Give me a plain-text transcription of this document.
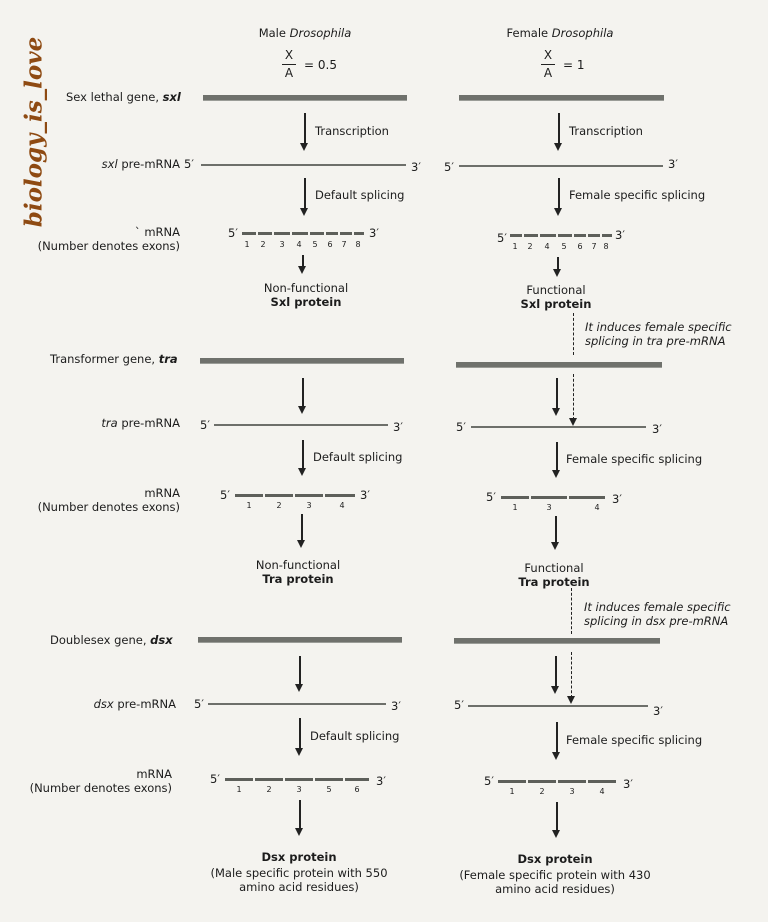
biology_is_love
Male Drosophila	Female Drosophila
X
A
= 0.5
X
A
= 1
Sex lethal gene, sxl
Transcription	Transcription
sxl pre-mRNA 5′	3′ 5′	3′
Default splicing	Female specific splicing
` mRNA
(Number denotes exons)
5′	3′
1 2 3 4 5 6 7 8	5′	3′
1 2 4 5 6 7 8
Non-functional
Sxl protein
Functional
Sxl protein
It induces female specific
splicing in tra pre-mRNA
Transformer gene, tra
tra pre-mRNA 5′	3′	5′	3′
Default splicing	Female specific splicing
mRNA
(Number denotes exons)
5′	3′
1	2	3	4
5′	3′
1	3	4
Non-functional
Tra protein
Functional
Tra protein
It induces female specific
splicing in dsx pre-mRNA
Doublesex gene, dsx
dsx pre-mRNA 5′	3′	5′	3′
Default splicing	Female specific splicing
mRNA
(Number denotes exons)
5′	3′
1	2	3	5	6
5′	3′
1	2	3	4
Dsx protein
(Male specific protein with 550
amino acid residues)
Dsx protein
(Female specific protein with 430
amino acid residues)
